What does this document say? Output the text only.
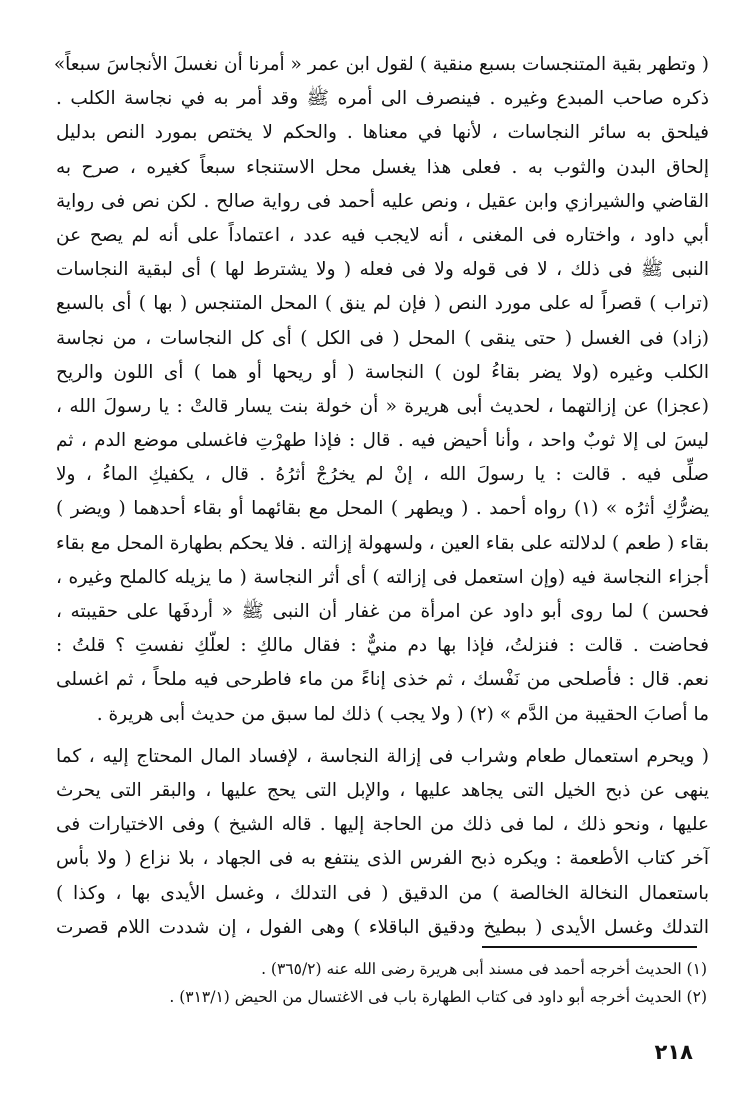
( وتطهر بقية المتنجسات بسبع منقية ) لقول ابن عمر « أمرنا أن نغسلَ الأنجاسَ سبعاً»
ذكره صاحب المبدع وغيره . فينصرف الى أمره ﷺ وقد أمر به في نجاسة الكلب .
فيلحق به سائر النجاسات ، لأنها في معناها . والحكم لا يختص بمورد النص بدليل
إلحاق البدن والثوب به . فعلى هذا يغسل محل الاستنجاء سبعاً كغيره ، صرح به
القاضي والشيرازي وابن عقيل ، ونص عليه أحمد فى رواية صالح . لكن نص فى رواية
أبي داود ، واختاره فى المغنى ، أنه لايجب فيه عدد ، اعتماداً على أنه لم يصح عن
النبى ﷺ فى ذلك ، لا فى قوله ولا فى فعله ( ولا يشترط لها ) أى لبقية النجاسات
(تراب ) قصراً له على مورد النص ( فإن لم ينق ) المحل المتنجس ( بها ) أى بالسبع
(زاد) فى الغسل ( حتى ينقى ) المحل ( فى الكل ) أى كل النجاسات ، من نجاسة
الكلب وغيره (ولا يضر بقاءُ لون ) النجاسة ( أو ريحها أو هما ) أى اللون والريح
(عجزا) عن إزالتهما ، لحديث أبى هريرة « أن خولة بنت يسار قالتْ : يا رسولَ الله ،
ليسَ لى إلا ثوبٌ واحد ، وأنا أحيض فيه . قال : فإذا طهرْتِ فاغسلى موضع الدم ، ثم
صلِّى فيه . قالت : يا رسولَ الله ، إنْ لم يخرُجْ أثرُهُ . قال ، يكفيكِ الماءُ ، ولا
يضرُّكِ أثرُه » (١) رواه أحمد . ( ويطهر ) المحل مع بقائهما أو بقاء أحدهما ( ويضر )
بقاء ( طعم ) لدلالته على بقاء العين ، ولسهولة إزالته . فلا يحكم بطهارة المحل مع بقاء
أجزاء النجاسة فيه (وإن استعمل فى إزالته ) أى أثر النجاسة ( ما يزيله كالملح وغيره ،
فحسن ) لما روى أبو داود عن امرأة من غفار أن النبى ﷺ « أردفَها على حقيبته ،
فحاضت . قالت : فنزلتُ، فإذا بها دم منيٌّ : فقال مالكِ : لعلّكِ نفستِ ؟ قلتُ :
نعم. قال : فأصلحى من نَفْسك ، ثم خذى إناءً من ماء فاطرحى فيه ملحاً ، ثم اغسلى
ما أصابَ الحقيبة من الدَّم » (٢) ( ولا يجب ) ذلك لما سبق من حديث أبى هريرة .
( ويحرم استعمال طعام وشراب فى إزالة النجاسة ، لإفساد المال المحتاج إليه ، كما
ينهى عن ذبح الخيل التى يجاهد عليها ، والإبل التى يحج عليها ، والبقر التى يحرث
عليها ، ونحو ذلك ، لما فى ذلك من الحاجة إليها . قاله الشيخ ) وفى الاختيارات فى
آخر كتاب الأطعمة : ويكره ذبح الفرس الذى ينتفع به فى الجهاد ، بلا نزاع ( ولا بأس
باستعمال النخالة الخالصة ) من الدقيق ( فى التدلك ، وغسل الأيدى بها ، وكذا )
التدلك وغسل الأيدى ( ببطيخ ودقيق الباقلاء ) وهى الفول ، إن شددت اللام قصرت
(١) الحديث أخرجه أحمد فى مسند أبى هريرة رضى الله عنه (٣٦٥/٢) .
(٢) الحديث أخرجه أبو داود فى كتاب الطهارة باب فى الاغتسال من الحيض (٣١٣/١) .
٢١٨
